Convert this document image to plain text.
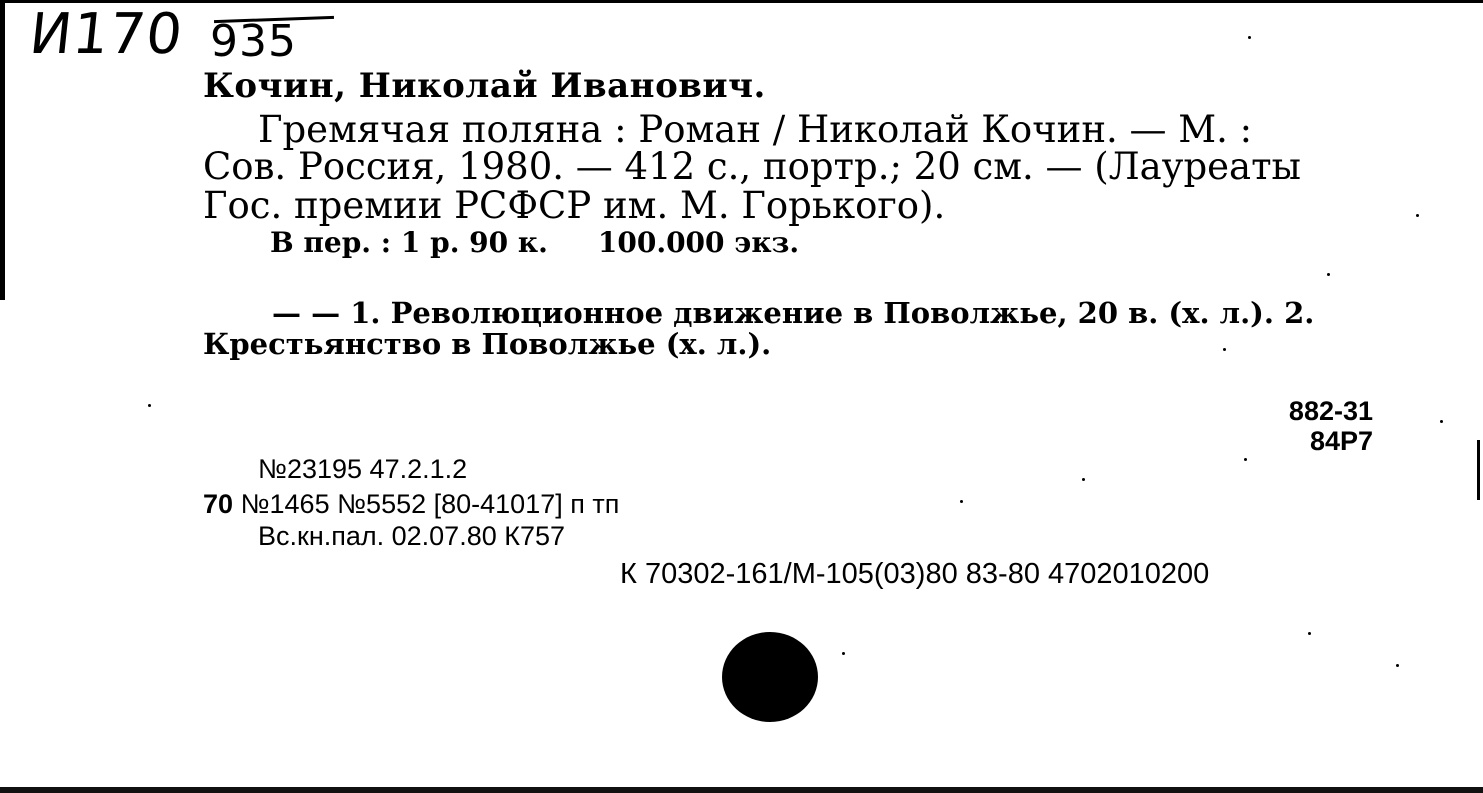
И170 935
Кочин, Николай Иванович.
Гремячая поляна : Роман / Николай Кочин. — М. :
Сов. Россия, 1980. — 412 с., портр.; 20 см. — (Лауреаты
Гос. премии РСФСР им. М. Горького).
В пер. : 1 р. 90 к. 100.000 экз.
— — 1. Революционное движение в Поволжье, 20 в. (х. л.). 2.
Крестьянство в Поволжье (х. л.).
882-31
84Р7
№23195 47.2.1.2
70 №1465 №5552 [80-41017] п тп
Вс.кн.пал. 02.07.80 К757
К 70302-161/М-105(03)80 83-80 4702010200
